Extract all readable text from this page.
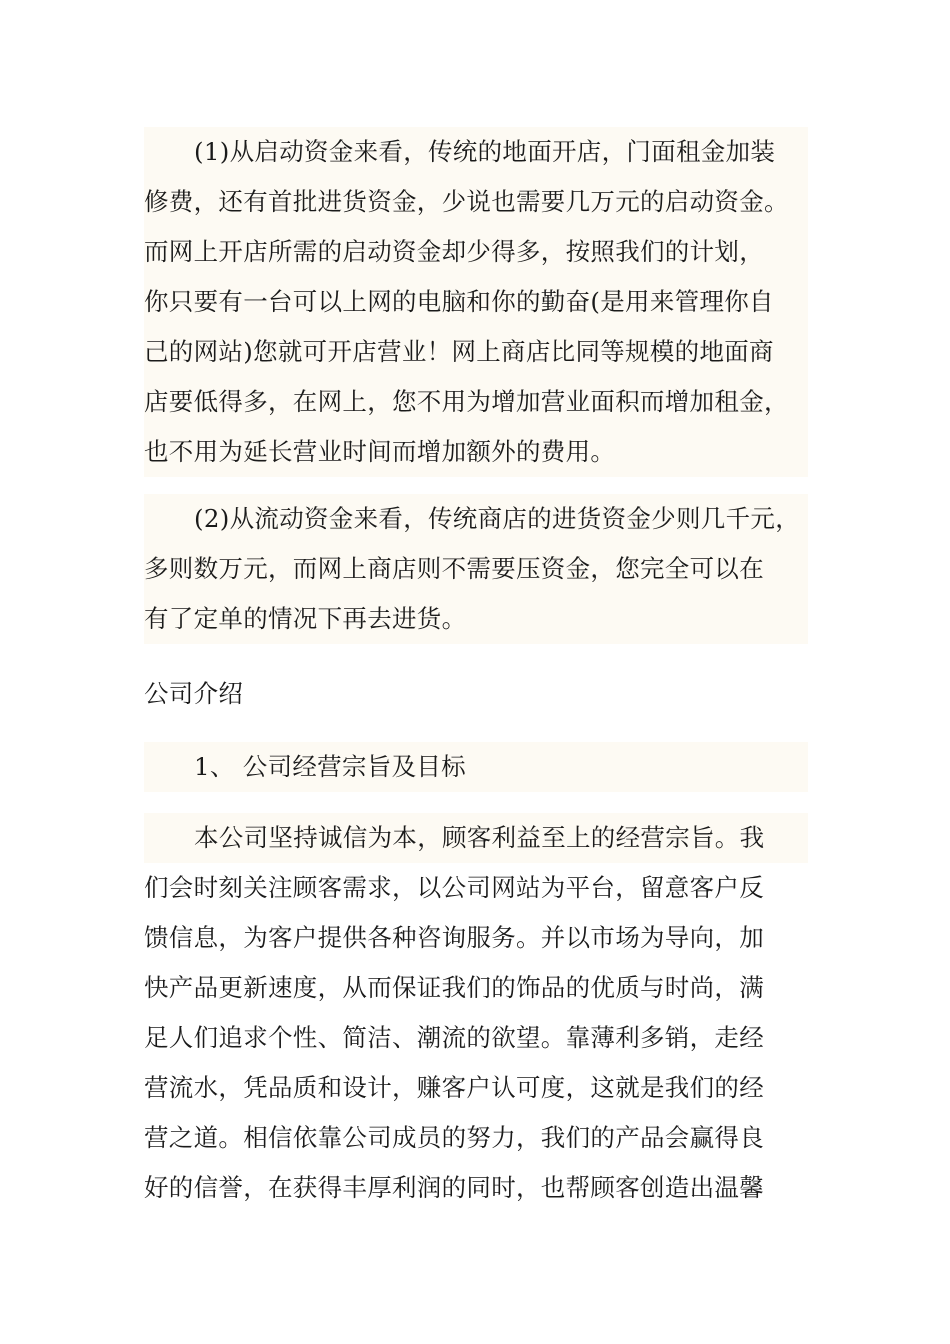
(1)从启动资金来看，传统的地面开店，门面租金加装
修费，还有首批进货资金，少说也需要几万元的启动资金。
而网上开店所需的启动资金却少得多，按照我们的计划，
你只要有一台可以上网的电脑和你的勤奋(是用来管理你自
己的网站)您就可开店营业！网上商店比同等规模的地面商
店要低得多，在网上，您不用为增加营业面积而增加租金，
也不用为延长营业时间而增加额外的费用。
(2)从流动资金来看，传统商店的进货资金少则几千元，
多则数万元，而网上商店则不需要压资金，您完全可以在
有了定单的情况下再去进货。
公司介绍
1、 公司经营宗旨及目标
本公司坚持诚信为本，顾客利益至上的经营宗旨。我
们会时刻关注顾客需求，以公司网站为平台，留意客户反
馈信息，为客户提供各种咨询服务。并以市场为导向，加
快产品更新速度，从而保证我们的饰品的优质与时尚，满
足人们追求个性、简洁、潮流的欲望。靠薄利多销，走经
营流水，凭品质和设计，赚客户认可度，这就是我们的经
营之道。相信依靠公司成员的努力，我们的产品会赢得良
好的信誉，在获得丰厚利润的同时，也帮顾客创造出温馨
